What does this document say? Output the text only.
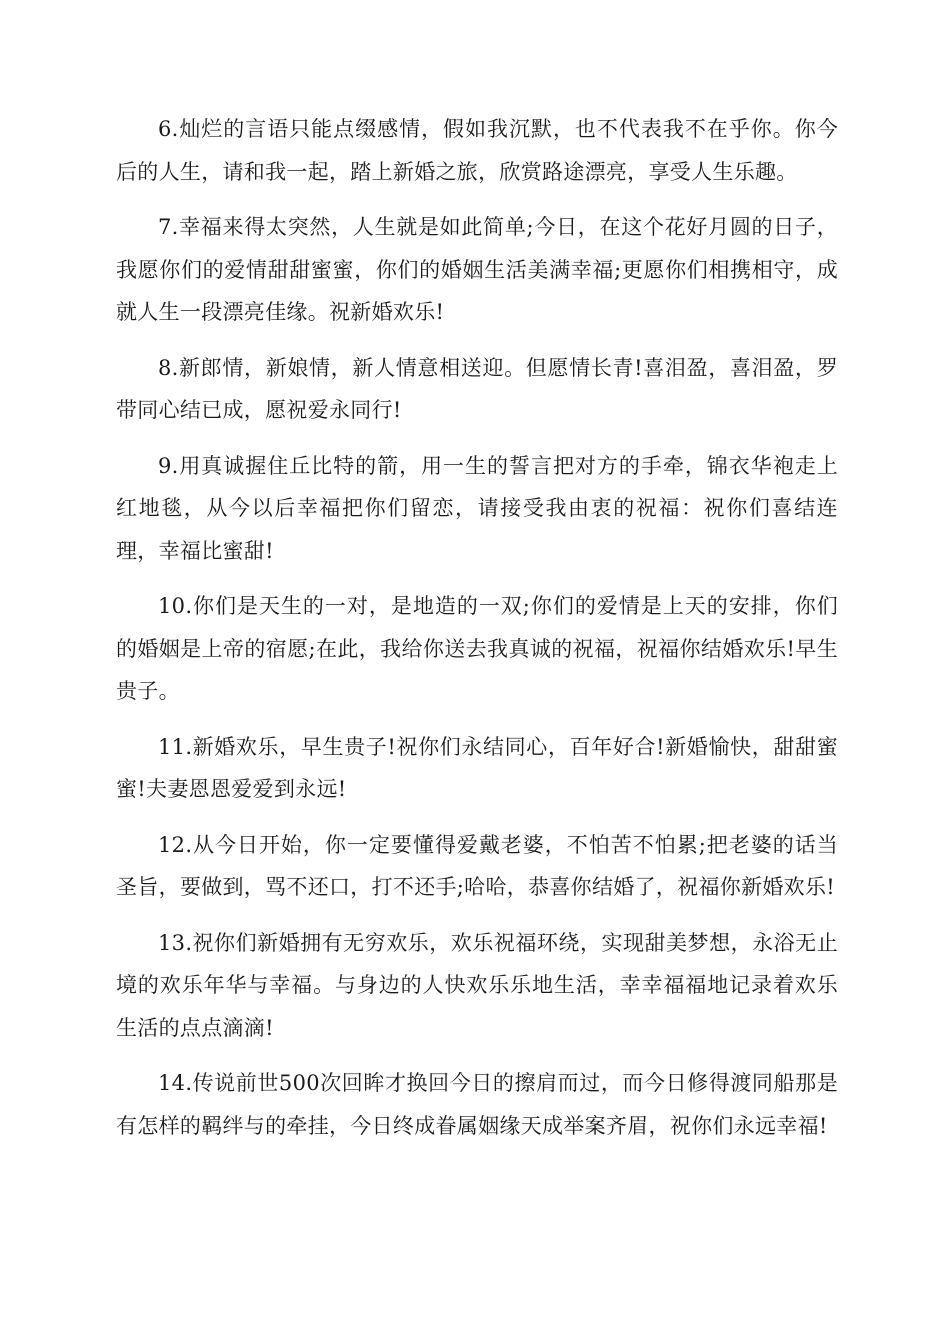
6.灿烂的言语只能点缀感情，假如我沉默，也不代表我不在乎你。你今后的人生，请和我一起，踏上新婚之旅，欣赏路途漂亮，享受人生乐趣。

7.幸福来得太突然，人生就是如此简单;今日，在这个花好月圆的日子，我愿你们的爱情甜甜蜜蜜，你们的婚姻生活美满幸福;更愿你们相携相守，成就人生一段漂亮佳缘。祝新婚欢乐!

8.新郎情，新娘情，新人情意相送迎。但愿情长青!喜泪盈，喜泪盈，罗带同心结已成，愿祝爱永同行!

9.用真诚握住丘比特的箭，用一生的誓言把对方的手牵，锦衣华袍走上红地毯，从今以后幸福把你们留恋，请接受我由衷的祝福：祝你们喜结连理，幸福比蜜甜!

10.你们是天生的一对，是地造的一双;你们的爱情是上天的安排，你们的婚姻是上帝的宿愿;在此，我给你送去我真诚的祝福，祝福你结婚欢乐!早生贵子。

11.新婚欢乐，早生贵子!祝你们永结同心，百年好合!新婚愉快，甜甜蜜蜜!夫妻恩恩爱爱到永远!

12.从今日开始，你一定要懂得爱戴老婆，不怕苦不怕累;把老婆的话当圣旨，要做到，骂不还口，打不还手;哈哈，恭喜你结婚了，祝福你新婚欢乐!

13.祝你们新婚拥有无穷欢乐，欢乐祝福环绕，实现甜美梦想，永浴无止境的欢乐年华与幸福。与身边的人快欢乐乐地生活，幸幸福福地记录着欢乐生活的点点滴滴!

14.传说前世500次回眸才换回今日的擦肩而过，而今日修得渡同船那是有怎样的羁绊与的牵挂，今日终成眷属姻缘天成举案齐眉，祝你们永远幸福!
